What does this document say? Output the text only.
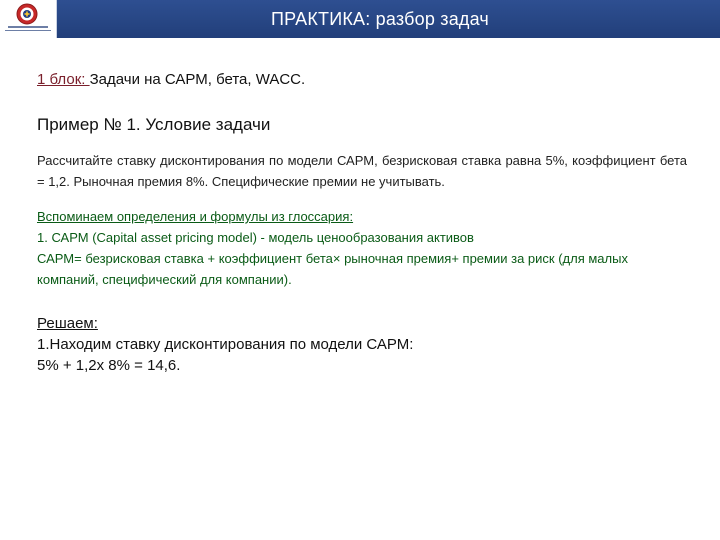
ПРАКТИКА: разбор задач
1 блок: Задачи на САРМ, бета, WACC.
Пример № 1. Условие задачи
Рассчитайте ставку дисконтирования по модели САРМ, безрисковая ставка равна 5%, коэффициент бета = 1,2. Рыночная премия 8%. Специфические премии не учитывать.
Вспоминаем определения и формулы из глоссария:
1. САРМ (Capital asset pricing model) - модель ценообразования активов
САРМ= безрисковая ставка + коэффициент бета× рыночная премия+ премии за риск (для малых компаний, специфический для компании).
Решаем:
1.Находим ставку дисконтирования по модели САРМ:
5% + 1,2х 8% = 14,6.
